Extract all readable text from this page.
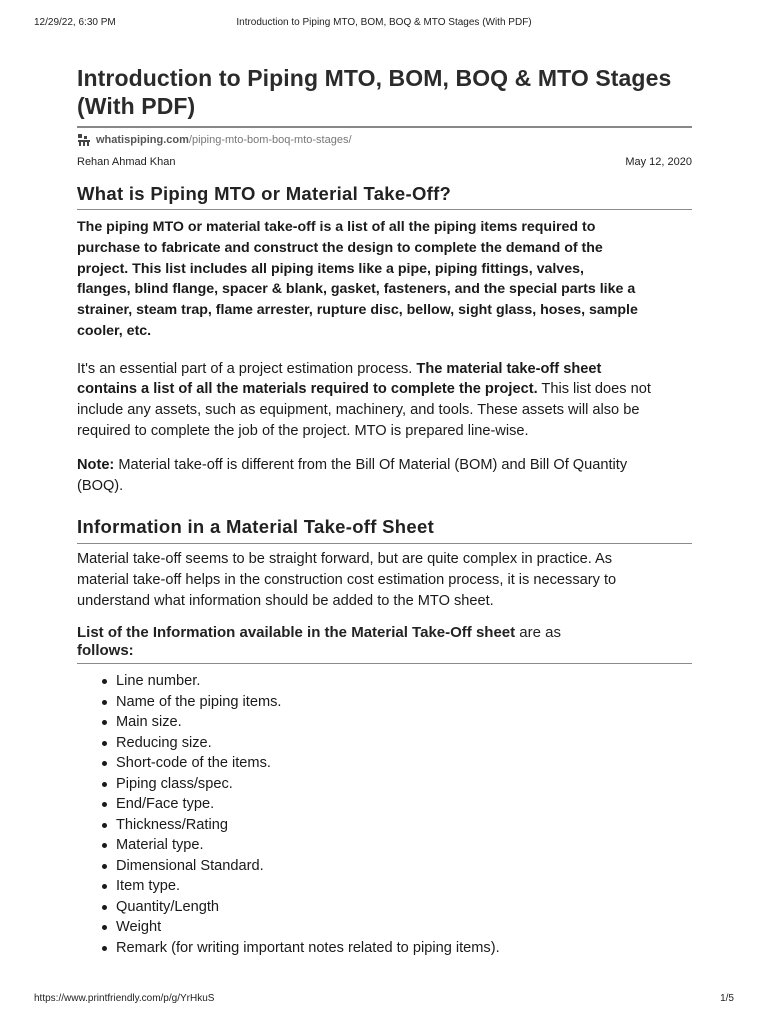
12/29/22, 6:30 PM	Introduction to Piping MTO, BOM, BOQ & MTO Stages (With PDF)
Introduction to Piping MTO, BOM, BOQ & MTO Stages
(With PDF)
whatispiping.com /piping-mto-bom-boq-mto-stages/
Rehan Ahmad Khan	May 12, 2020
What is Piping MTO or Material Take-Off?

The piping MTO or material take-off is a list of all the piping items required to
purchase to fabricate and construct the design to complete the demand of the
project. This list includes all piping items like a pipe, piping fittings, valves,
flanges, blind flange, spacer & blank, gasket, fasteners, and the special parts like a
strainer, steam trap, flame arrester, rupture disc, bellow, sight glass, hoses, sample
cooler, etc.

It's an essential part of a project estimation process. The material take-off sheet
contains a list of all the materials required to complete the project. This list does not
include any assets, such as equipment, machinery, and tools. These assets will also be
required to complete the job of the project. MTO is prepared line-wise.

Note: Material take-off is different from the Bill Of Material (BOM) and Bill Of Quantity
(BOQ).

Information in a Material Take-off Sheet

Material take-off seems to be straight forward, but are quite complex in practice. As
material take-off helps in the construction cost estimation process, it is necessary to
understand what information should be added to the MTO sheet.

List of the Information available in the Material Take-Off sheet are as
follows:
Line number.
Name of the piping items.
Main size.
Reducing size.
Short-code of the items.
Piping class/spec.
End/Face type.
Thickness/Rating
Material type.
Dimensional Standard.
Item type.
Quantity/Length
Weight
Remark (for writing important notes related to piping items).
https://www.printfriendly.com/p/g/YrHkuS	1/5
